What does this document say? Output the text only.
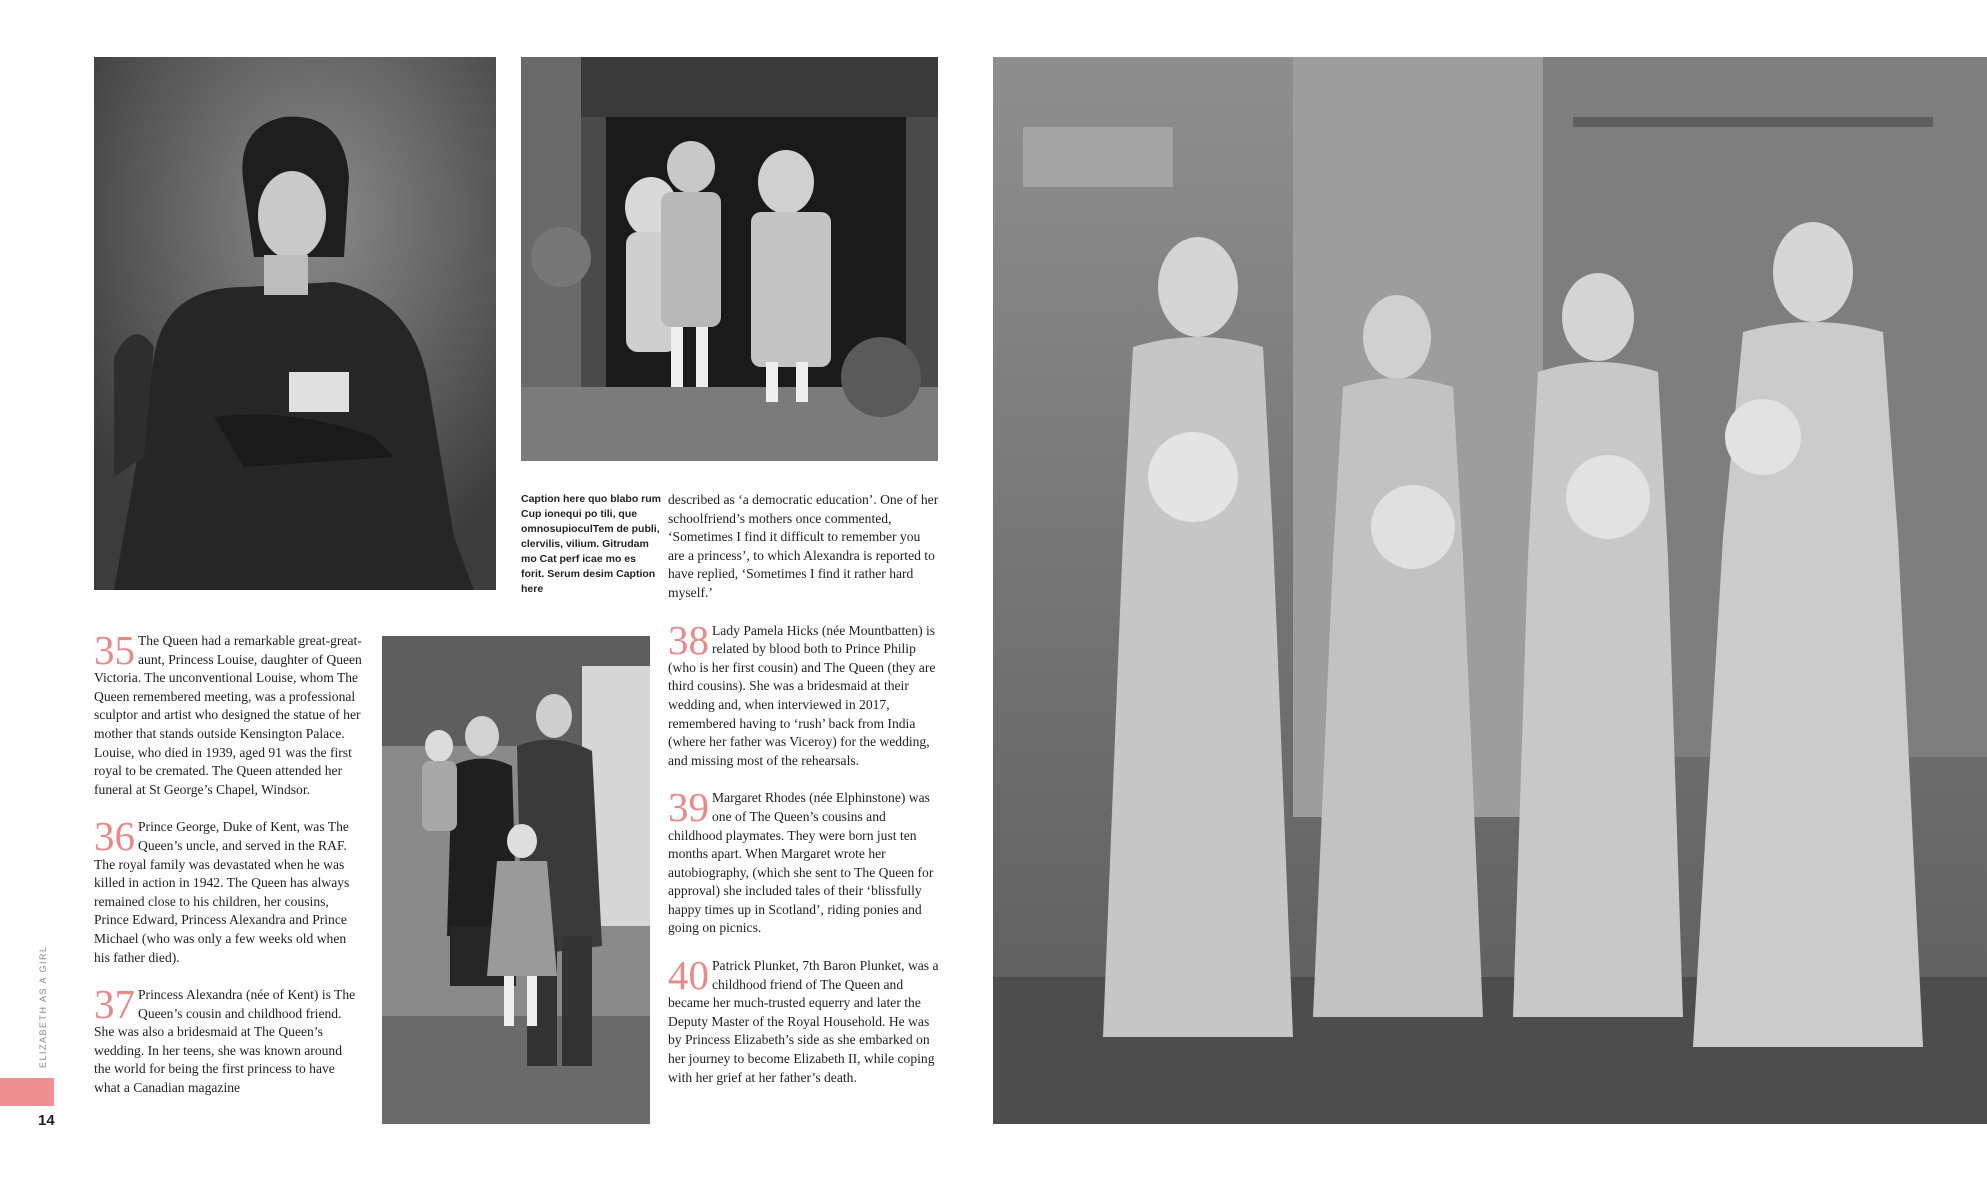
Caption here quo blabo rum Cup ionequi po tili, que omnosupioculTem de publi, clervilis, vilium. Gitrudam mo Cat perf icae mo es forit. Serum desim Caption here
35 The Queen had a remarkable great-great-aunt, Princess Louise, daughter of Queen Victoria. The unconventional Louise, whom The Queen remembered meeting, was a professional sculptor and artist who designed the statue of her mother that stands outside Kensington Palace. Louise, who died in 1939, aged 91 was the first royal to be cremated. The Queen attended her funeral at St George’s Chapel, Windsor.

36 Prince George, Duke of Kent, was The Queen’s uncle, and served in the RAF. The royal family was devastated when he was killed in action in 1942. The Queen has always remained close to his children, her cousins, Prince Edward, Princess Alexandra and Prince Michael (who was only a few weeks old when his father died).

37 Princess Alexandra (née of Kent) is The Queen’s cousin and childhood friend. She was also a bridesmaid at The Queen’s wedding. In her teens, she was known around the world for being the first princess to have what a Canadian magazine

described as ‘a democratic education’. One of her schoolfriend’s mothers once commented, ‘Sometimes I find it difficult to remember you are a princess’, to which Alexandra is reported to have replied, ‘Sometimes I find it rather hard myself.’

38 Lady Pamela Hicks (née Mountbatten) is related by blood both to Prince Philip (who is her first cousin) and The Queen (they are third cousins). She was a bridesmaid at their wedding and, when interviewed in 2017, remembered having to ‘rush’ back from India (where her father was Viceroy) for the wedding, and missing most of the rehearsals.

39 Margaret Rhodes (née Elphinstone) was one of The Queen’s cousins and childhood playmates. They were born just ten months apart. When Margaret wrote her autobiography, (which she sent to The Queen for approval) she included tales of their ‘blissfully happy times up in Scotland’, riding ponies and going on picnics.

40 Patrick Plunket, 7th Baron Plunket, was a childhood friend of The Queen and became her much-trusted equerry and later the Deputy Master of the Royal Household. He was by Princess Elizabeth’s side as she embarked on her journey to become Elizabeth II, while coping with her grief at her father’s death.

ELIZABETH AS A GIRL
14
